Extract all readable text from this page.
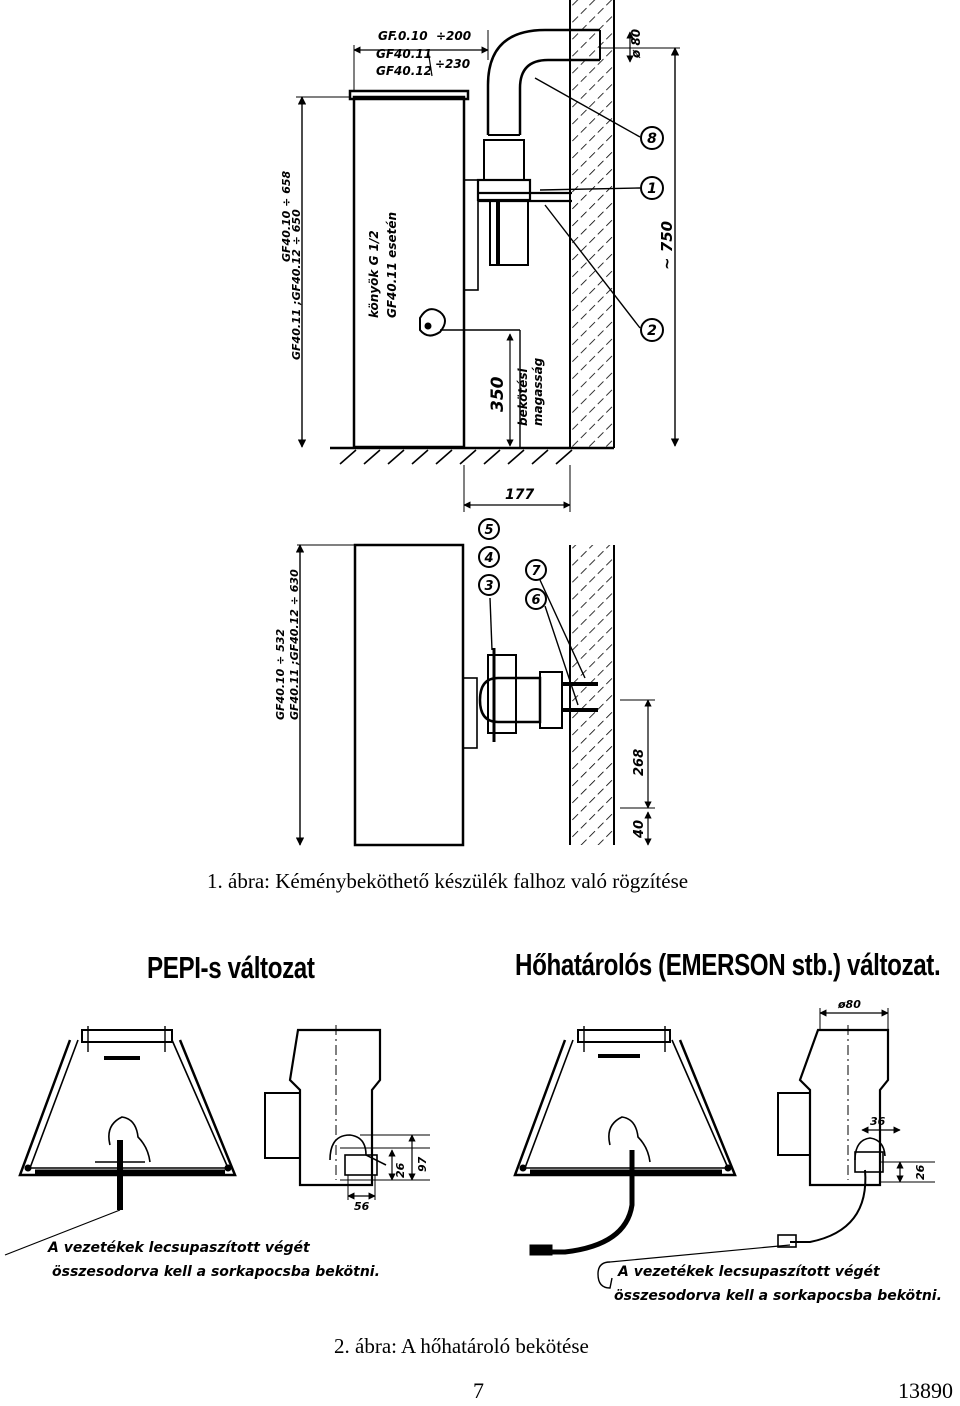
GF.0.10 ÷200
GF40.11
GF40.12 ÷230
ø 80
~ 750
GF40.11 ;GF40.12 ÷ 650
GF40.10 ÷ 658
könyök G 1/2 GF40.11 esetén
350 bekötési magasság
177
GF40.11 ;GF40.12 ÷ 630
GF40.10 ÷ 532
268
40
8
1
2
5
4
3
7
6
97
26
56
ø80
36
26
A vezetékek lecsupaszított végét
összesodorva kell a sorkapocsba bekötni.	A vezetékek lecsupaszított végét
összesodorva kell a sorkapocsba bekötni.
1. ábra: Kéménybeköthető készülék falhoz való rögzítése
PEPI-s változat	Hőhatárolós (EMERSON stb.) változat.
2. ábra: A hőhatároló bekötése
7	13890
